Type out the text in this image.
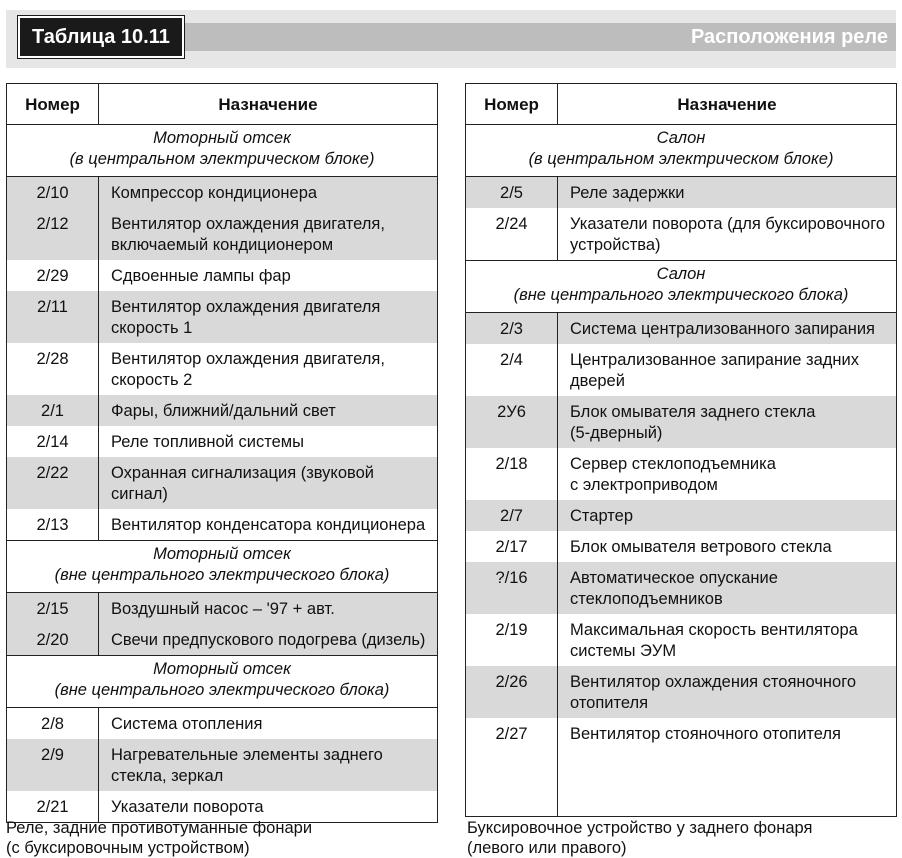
Таблица 10.11	Расположения реле
Номер	Назначение

Моторный отсек
(в центральном электрическом блоке)	

2/10	Компрессор кондиционера

2/12	Вентилятор охлаждения двигателя,
включаемый кондиционером

2/29	Сдвоенные лампы фар

2/11	Вентилятор охлаждения двигателя
скорость 1

2/28	Вентилятор охлаждения двигателя,
скорость 2

2/1	Фары, ближний/дальний свет

2/14	Реле топливной системы

2/22	Охранная сигнализация (звуковой сигнал)

2/13	Вентилятор конденсатора кондиционера

Моторный отсек
(вне центрального электрического блока)	

2/15	Воздушный насос – '97 + авт.

2/20	Свечи предпускового подогрева (дизель)

Моторный отсек
(вне центрального электрического блока)	

2/8	Система отопления

2/9	Нагревательные элементы заднего
стекла, зеркал

2/21	Указатели поворота
Номер	Назначение

Салон
(в центральном электрическом блоке)	

2/5	Реле задержки

2/24	Указатели поворота (для буксировочного
устройства)

Салон
(вне центрального электрического блока)	

2/3	Система централизованного запирания

2/4	Централизованное запирание задних
дверей

2У6	Блок омывателя заднего стекла
(5-дверный)

2/18	Сервер стеклоподъемника
с электроприводом

2/7	Стартер

2/17	Блок омывателя ветрового стекла

?/16	Автоматическое опускание
стеклоподъемников

2/19	Максимальная скорость вентилятора
системы ЭУМ

2/26	Вентилятор охлаждения стояночного
отопителя

2/27	Вентилятор стояночного отопителя
Реле, задние противотуманные фонари
(с буксировочным устройством)
Буксировочное устройство у заднего фонаря
(левого или правого)
